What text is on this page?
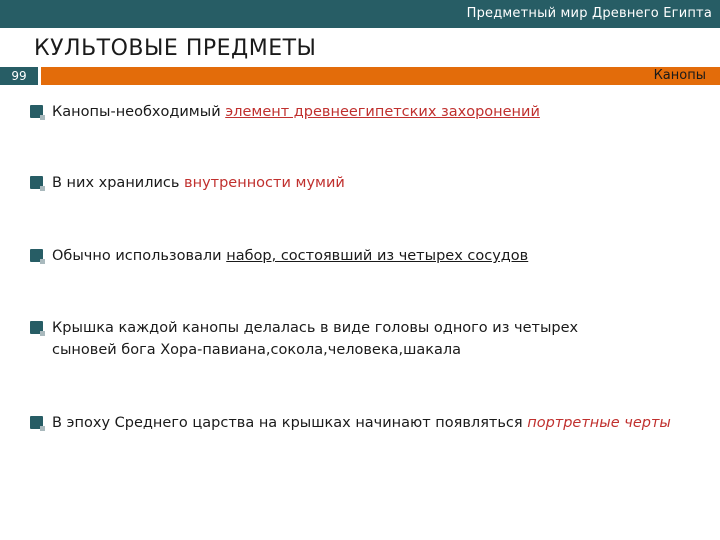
Предметный мир Древнего Египта
КУЛЬТОВЫЕ ПРЕДМЕТЫ
99	Канопы
Канопы-необходимый элемент древнеегипетских захоронений
В них хранились внутренности мумий
Обычно использовали набор, состоявший из четырех сосудов
Крышка каждой канопы делалась в виде головы одного из четырех сыновей бога Хора-павиана,сокола,человека,шакала
В эпоху Среднего царства на крышках начинают появляться портретные черты
